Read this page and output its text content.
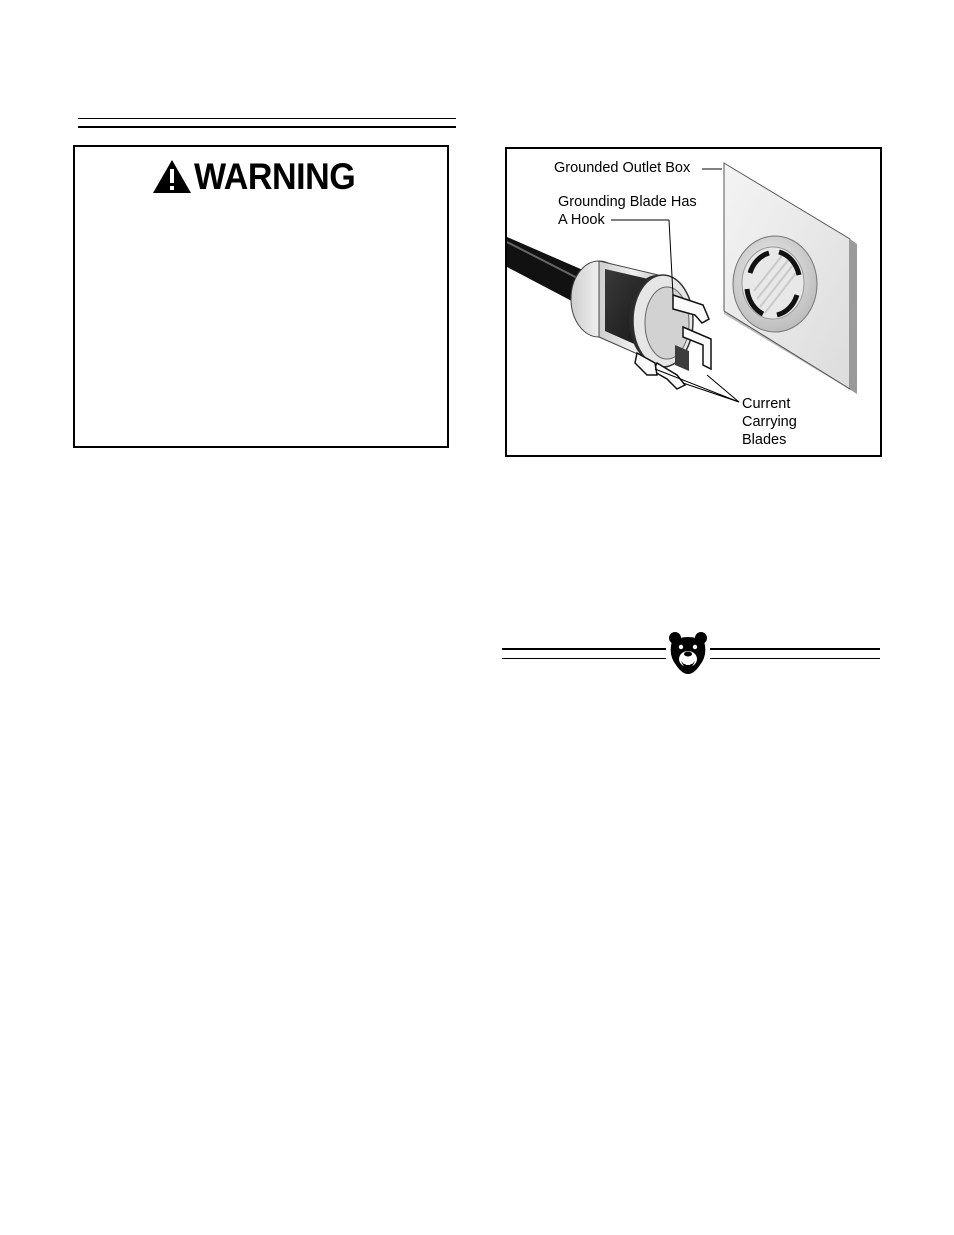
WARNING	Grounded Outlet Box
Grounding Blade Has
A Hook
Current
Carrying
Blades
